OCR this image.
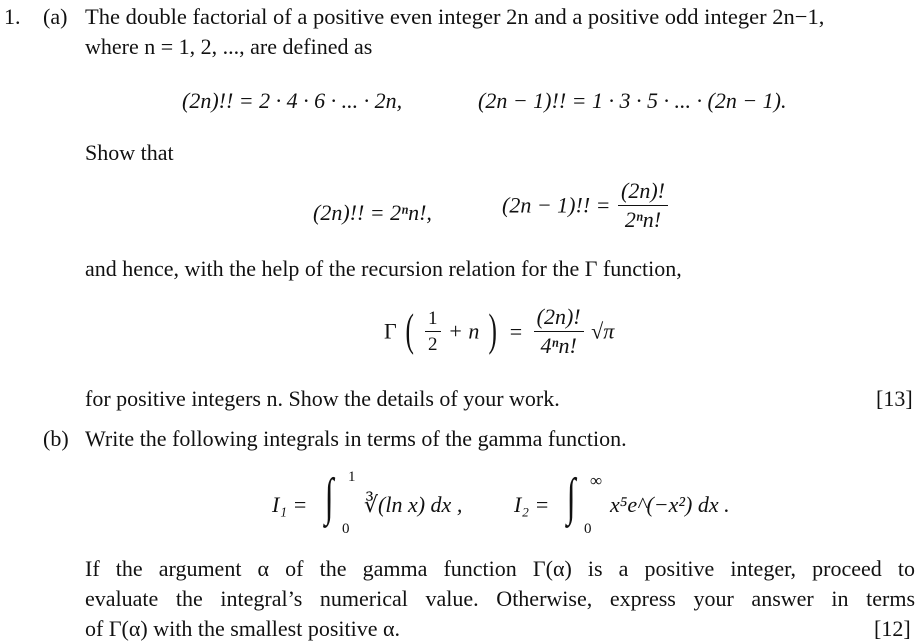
1. (a) The double factorial of a positive even integer 2n and a positive odd integer 2n−1,
where n = 1, 2, ..., are defined as
(2n)!! = 2 · 4 · 6 · ... · 2n,	(2n − 1)!! = 1 · 3 · 5 · ... · (2n − 1).
Show that
(2n)!! = 2ⁿn!,	(2n − 1)!! = $\frac{(2n)!}{\text{2ⁿn!}}$
and hence, with the help of the recursion relation for the Γ function,
Γ ( $\frac{1}{2} + n$ ) = $\frac{(2n)!}{\text{4ⁿn!}} √\pi$
for positive integers n. Show the details of your work.	[13]
(b) Write the following integrals in terms of the gamma function.
I₁ = ∫ 1
0
∛(ln x) dx , I₂ = ∫ ∞
0
x⁵e^(−x²) dx .
If the argument α of the gamma function Γ(α) is a positive integer, proceed to
evaluate the integral’s numerical value. Otherwise, express your answer in terms
of Γ(α) with the smallest positive α.	[12]
